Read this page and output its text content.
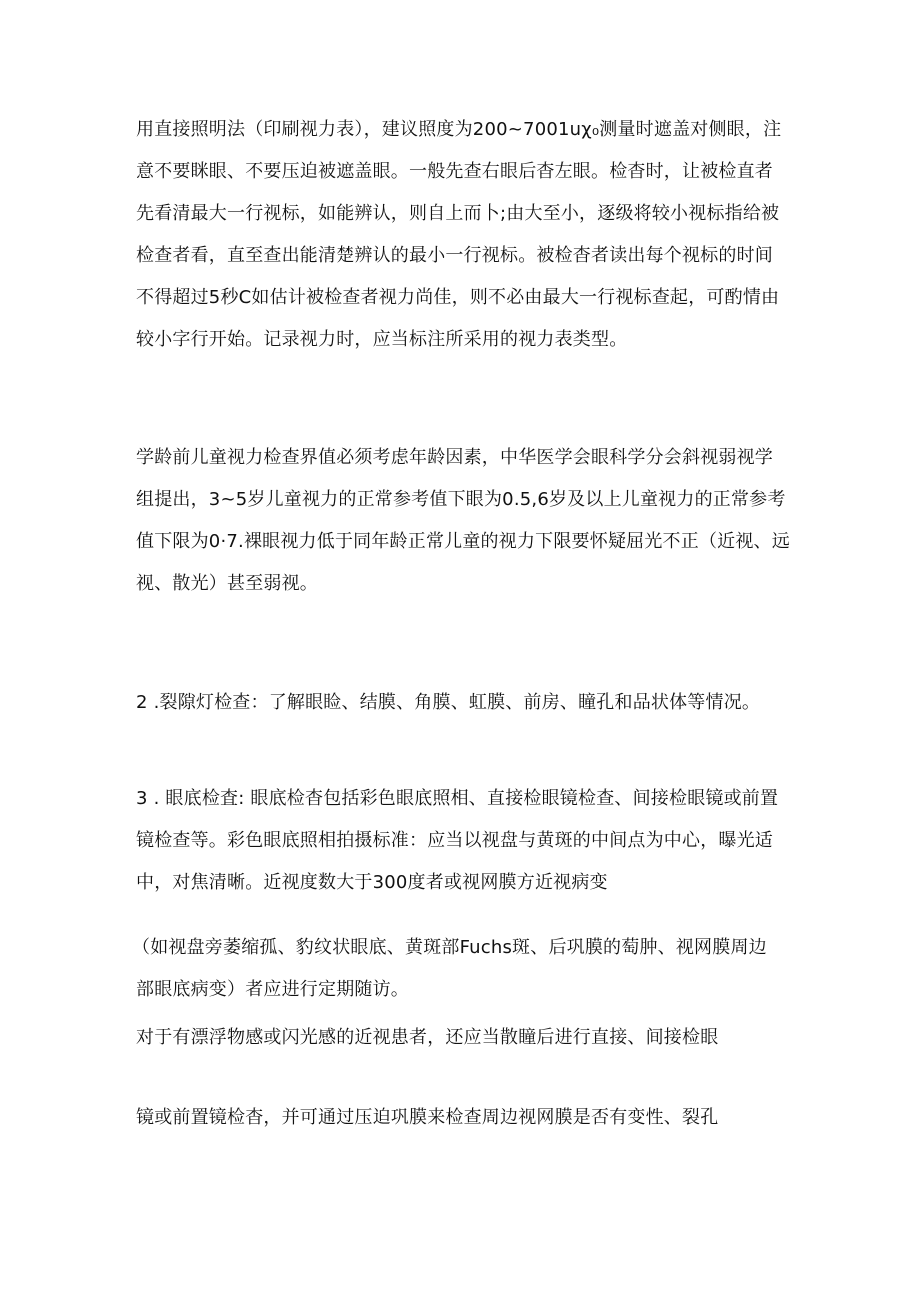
用直接照明法（印刷视力表），建议照度为200~7001uχ₀测量时遮盖对侧眼，注
意不要眯眼、不要压迫被遮盖眼。一般先查右眼后杳左眼。检杳时，让被检直者
先看清最大一行视标，如能辨认，则自上而卜;由大至小，逐级将较小视标指给被
检查者看，直至查出能清楚辨认的最小一行视标。被检杳者读出每个视标的时间
不得超过5秒C如估计被检查者视力尚佳，则不必由最大一行视标查起，可酌情由
较小字行开始。记录视力时，应当标注所采用的视力表类型。
学龄前儿童视力检查界值必须考虑年龄因素，中华医学会眼科学分会斜视弱视学
组提出，3~5岁儿童视力的正常参考值下眼为0.5,6岁及以上儿童视力的正常参考
值下限为0·7.裸眼视力低于同年龄正常儿童的视力下限要怀疑屈光不正（近视、远
视、散光）甚至弱视。
2 .裂隙灯检查：了解眼睑、结膜、角膜、虹膜、前房、瞳孔和品状体等情况。
3 . 眼底检査: 眼底检杳包括彩色眼底照相、直接检眼镜检查、间接检眼镜或前置
镜检查等。彩色眼底照相拍摄标准：应当以视盘与黄斑的中间点为中心，曝光适
中，对焦清晰。近视度数大于300度者或视网膜方近视病变
（如视盘旁萎缩孤、豹纹状眼底、黄斑部Fuchs斑、后巩膜的萄肿、视网膜周边
部眼底病变）者应进行定期随访。
对于有漂浮物感或闪光感的近视患者，还应当散瞳后进行直接、间接检眼
镜或前置镜检杳，并可通过压迫巩膜来检查周边视网膜是否有变性、裂孔
